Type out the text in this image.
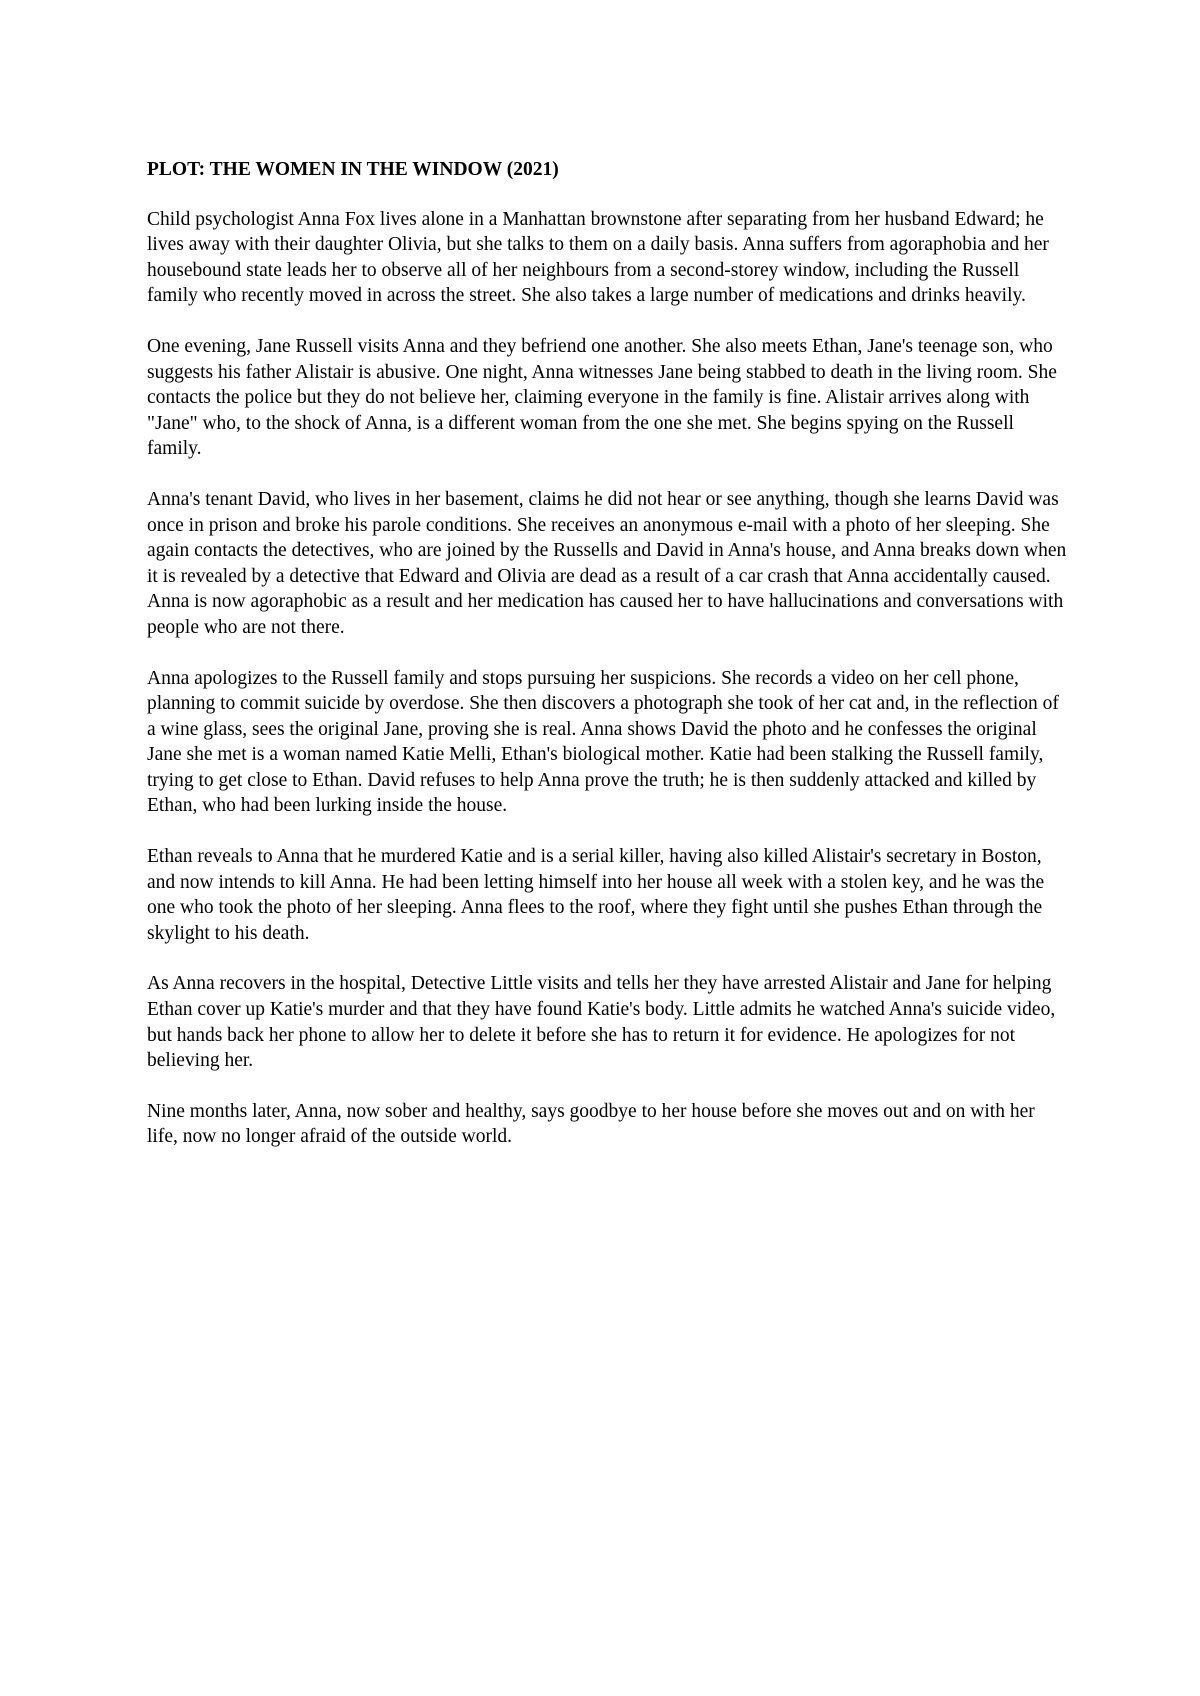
PLOT: THE WOMEN IN THE WINDOW (2021)

Child psychologist Anna Fox lives alone in a Manhattan brownstone after separating from her husband Edward; he lives away with their daughter Olivia, but she talks to them on a daily basis. Anna suffers from agoraphobia and her housebound state leads her to observe all of her neighbours from a second-storey window, including the Russell family who recently moved in across the street. She also takes a large number of medications and drinks heavily.

One evening, Jane Russell visits Anna and they befriend one another. She also meets Ethan, Jane's teenage son, who suggests his father Alistair is abusive. One night, Anna witnesses Jane being stabbed to death in the living room. She contacts the police but they do not believe her, claiming everyone in the family is fine. Alistair arrives along with "Jane" who, to the shock of Anna, is a different woman from the one she met. She begins spying on the Russell family.

Anna's tenant David, who lives in her basement, claims he did not hear or see anything, though she learns David was once in prison and broke his parole conditions. She receives an anonymous e-mail with a photo of her sleeping. She again contacts the detectives, who are joined by the Russells and David in Anna's house, and Anna breaks down when it is revealed by a detective that Edward and Olivia are dead as a result of a car crash that Anna accidentally caused. Anna is now agoraphobic as a result and her medication has caused her to have hallucinations and conversations with people who are not there.

Anna apologizes to the Russell family and stops pursuing her suspicions. She records a video on her cell phone, planning to commit suicide by overdose. She then discovers a photograph she took of her cat and, in the reflection of a wine glass, sees the original Jane, proving she is real. Anna shows David the photo and he confesses the original Jane she met is a woman named Katie Melli, Ethan's biological mother. Katie had been stalking the Russell family, trying to get close to Ethan. David refuses to help Anna prove the truth; he is then suddenly attacked and killed by Ethan, who had been lurking inside the house.

Ethan reveals to Anna that he murdered Katie and is a serial killer, having also killed Alistair's secretary in Boston, and now intends to kill Anna. He had been letting himself into her house all week with a stolen key, and he was the one who took the photo of her sleeping. Anna flees to the roof, where they fight until she pushes Ethan through the skylight to his death.

As Anna recovers in the hospital, Detective Little visits and tells her they have arrested Alistair and Jane for helping Ethan cover up Katie's murder and that they have found Katie's body. Little admits he watched Anna's suicide video, but hands back her phone to allow her to delete it before she has to return it for evidence. He apologizes for not believing her.

Nine months later, Anna, now sober and healthy, says goodbye to her house before she moves out and on with her life, now no longer afraid of the outside world.
